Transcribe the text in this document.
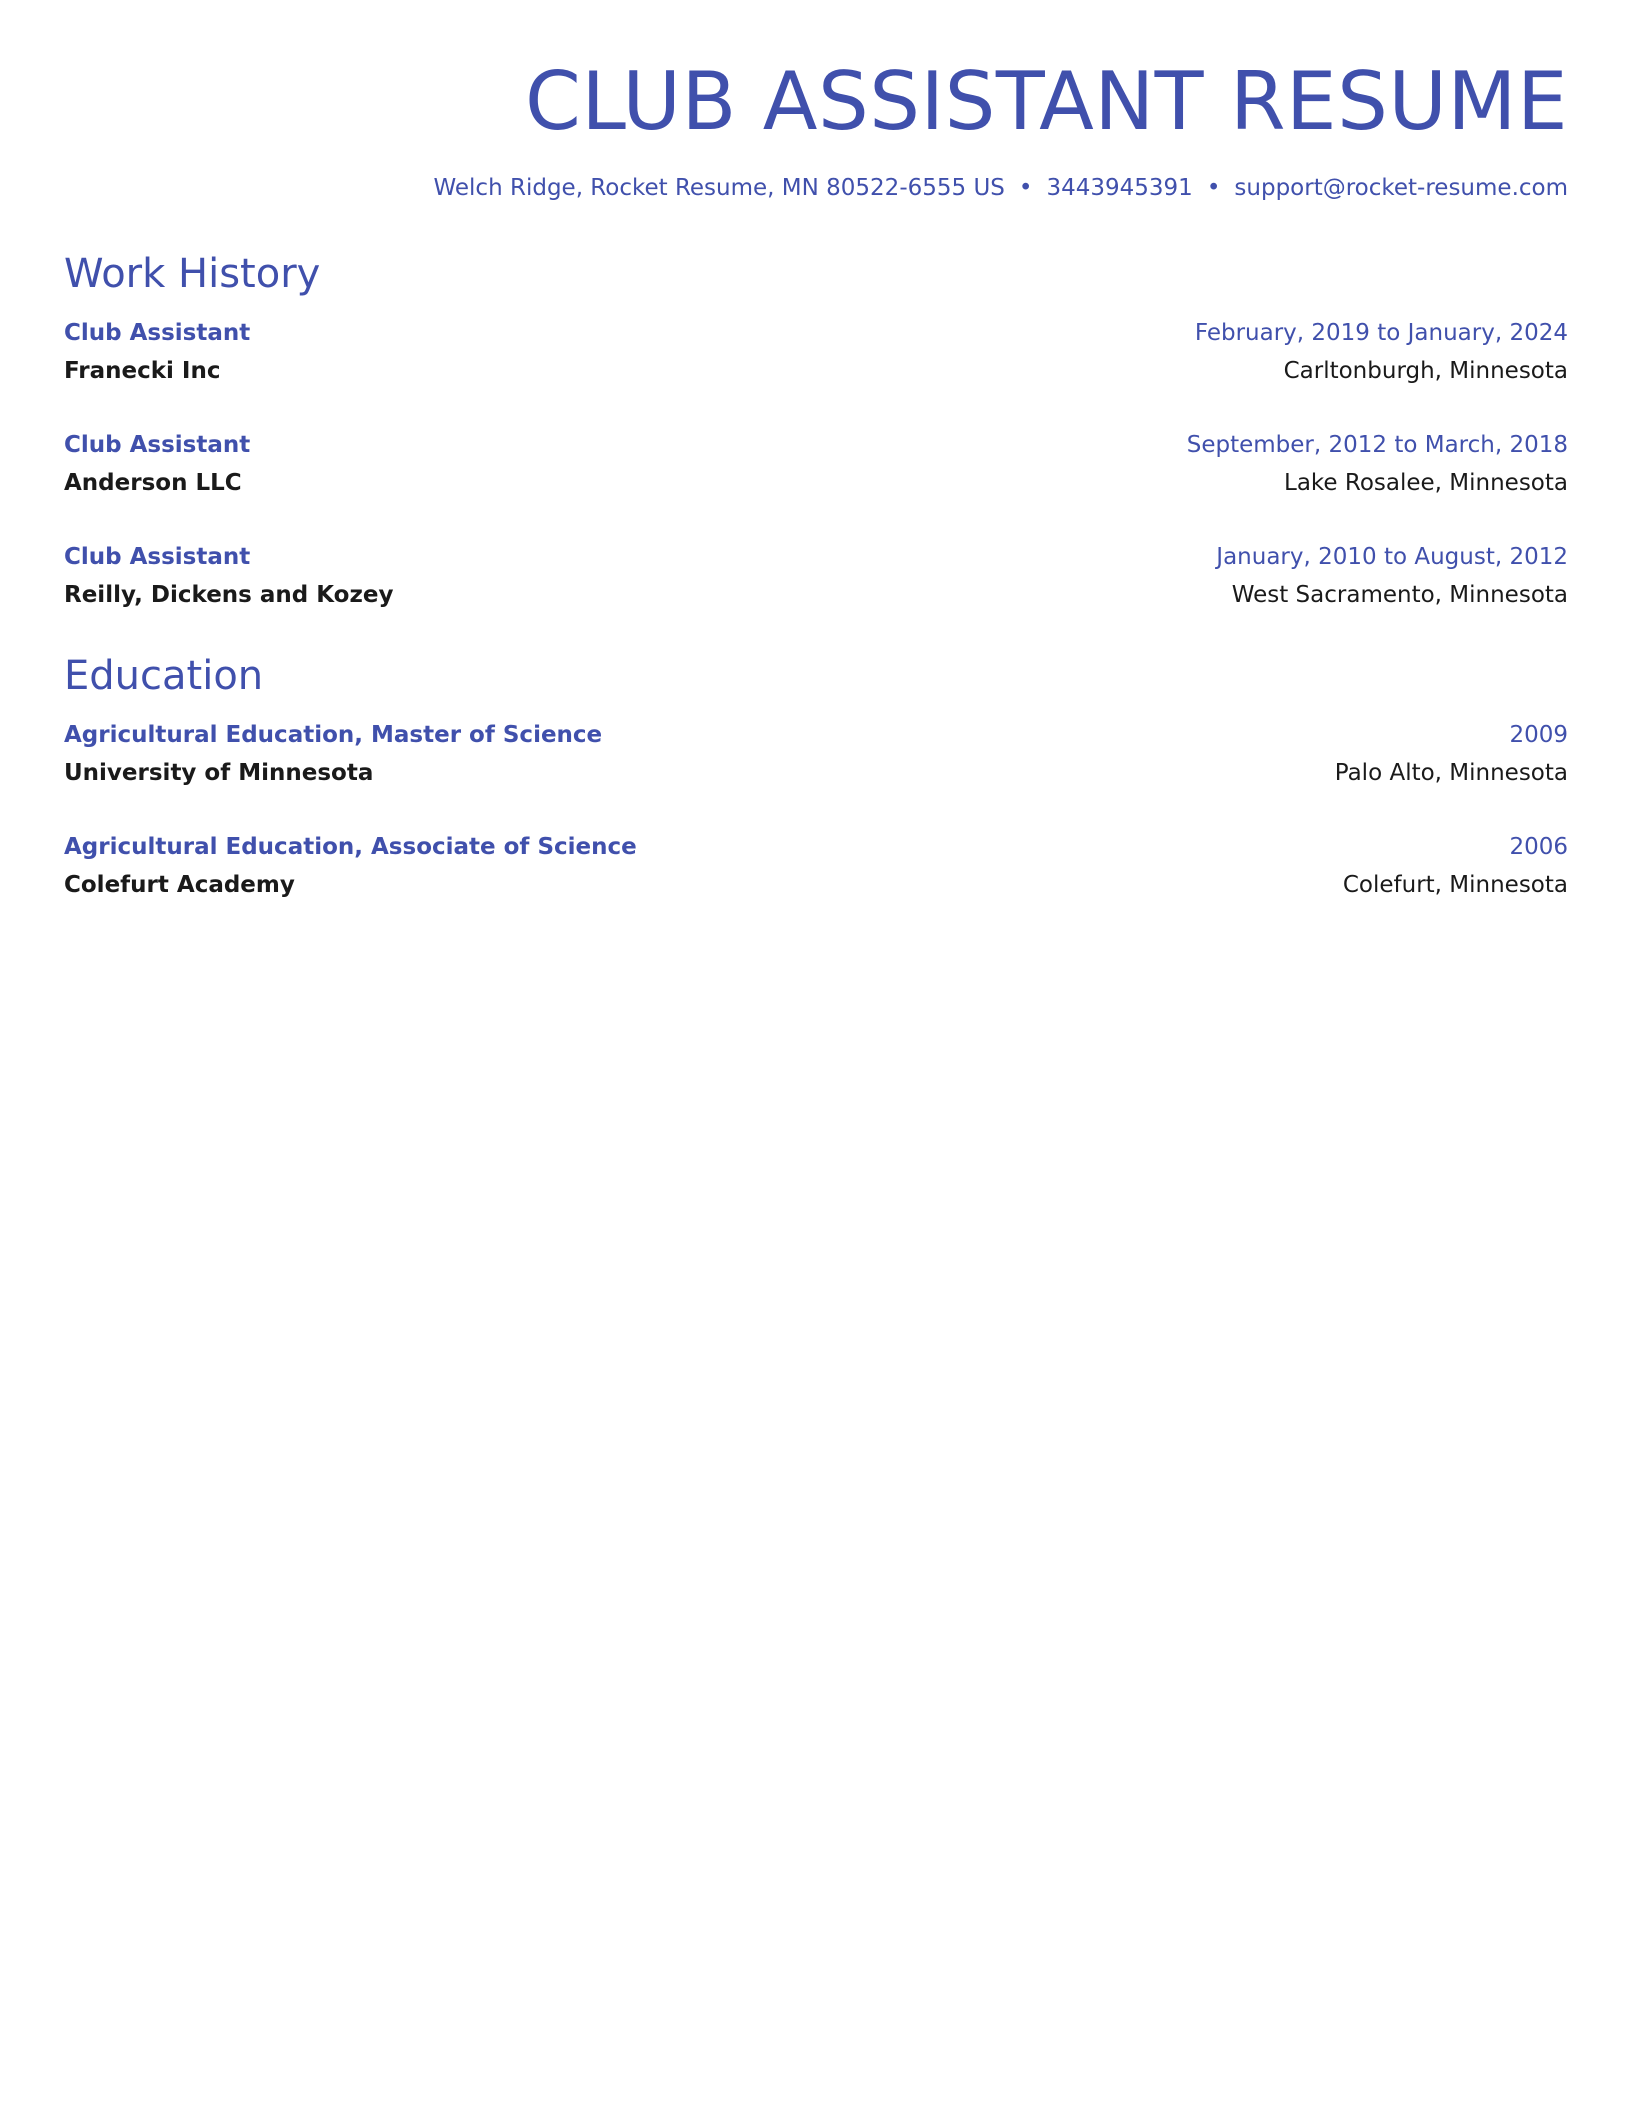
CLUB ASSISTANT RESUME
Welch Ridge, Rocket Resume, MN 80522-6555 US • 3443945391 • support@rocket-resume.com
Work History
Club Assistant	February, 2019 to January, 2024
Franecki Inc	Carltonburgh, Minnesota
Club Assistant	September, 2012 to March, 2018
Anderson LLC	Lake Rosalee, Minnesota
Club Assistant	January, 2010 to August, 2012
Reilly, Dickens and Kozey	West Sacramento, Minnesota
Education
Agricultural Education, Master of Science	2009
University of Minnesota	Palo Alto, Minnesota
Agricultural Education, Associate of Science	2006
Colefurt Academy	Colefurt, Minnesota
